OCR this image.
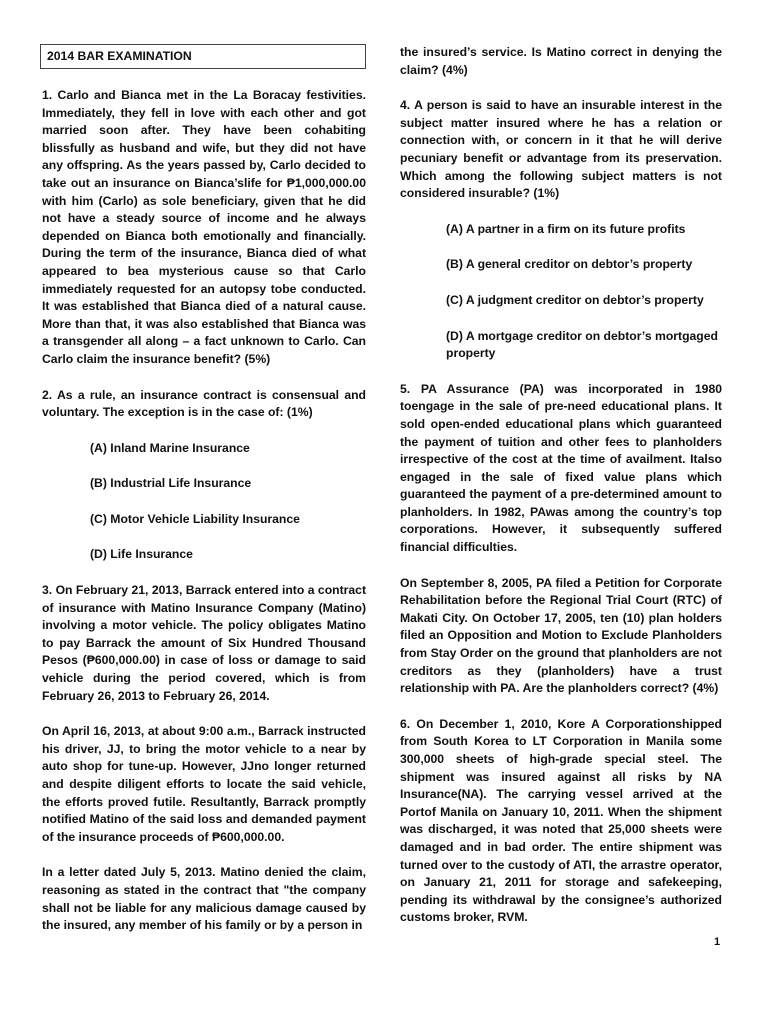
2014 BAR EXAMINATION

1. Carlo and Bianca met in the La Boracay festivities. Immediately, they fell in love with each other and got married soon after. They have been cohabiting blissfully as husband and wife, but they did not have any offspring. As the years passed by, Carlo decided to take out an insurance on Bianca’slife for ₱1,000,000.00 with him (Carlo) as sole beneficiary, given that he did not have a steady source of income and he always depended on Bianca both emotionally and financially. During the term of the insurance, Bianca died of what appeared to bea mysterious cause so that Carlo immediately requested for an autopsy tobe conducted. It was established that Bianca died of a natural cause. More than that, it was also established that Bianca was a transgender all along – a fact unknown to Carlo. Can Carlo claim the insurance benefit? (5%)

2. As a rule, an insurance contract is consensual and voluntary. The exception is in the case of: (1%)

(A) Inland Marine Insurance

(B) Industrial Life Insurance

(C) Motor Vehicle Liability Insurance

(D) Life Insurance

3. On February 21, 2013, Barrack entered into a contract of insurance with Matino Insurance Company (Matino) involving a motor vehicle. The policy obligates Matino to pay Barrack the amount of Six Hundred Thousand Pesos (₱600,000.00) in case of loss or damage to said vehicle during the period covered, which is from February 26, 2013 to February 26, 2014.

On April 16, 2013, at about 9:00 a.m., Barrack instructed his driver, JJ, to bring the motor vehicle to a near by auto shop for tune-up. However, JJno longer returned and despite diligent efforts to locate the said vehicle, the efforts proved futile. Resultantly, Barrack promptly notified Matino of the said loss and demanded payment of the insurance proceeds of ₱600,000.00.

In a letter dated July 5, 2013. Matino denied the claim, reasoning as stated in the contract that "the company shall not be liable for any malicious damage caused by the insured, any member of his family or by a person in

the insured’s service. Is Matino correct in denying the claim? (4%)

4. A person is said to have an insurable interest in the subject matter insured where he has a relation or connection with, or concern in it that he will derive pecuniary benefit or advantage from its preservation. Which among the following subject matters is not considered insurable? (1%)

(A) A partner in a firm on its future profits

(B) A general creditor on debtor’s property

(C) A judgment creditor on debtor’s property

(D) A mortgage creditor on debtor’s mortgaged property

5. PA Assurance (PA) was incorporated in 1980 toengage in the sale of pre-need educational plans. It sold open-ended educational plans which guaranteed the payment of tuition and other fees to planholders irrespective of the cost at the time of availment. Italso engaged in the sale of fixed value plans which guaranteed the payment of a pre-determined amount to planholders. In 1982, PAwas among the country’s top corporations. However, it subsequently suffered financial difficulties.

On September 8, 2005, PA filed a Petition for Corporate Rehabilitation before the Regional Trial Court (RTC) of Makati City. On October 17, 2005, ten (10) plan holders filed an Opposition and Motion to Exclude Planholders from Stay Order on the ground that planholders are not creditors as they (planholders) have a trust relationship with PA. Are the planholders correct? (4%)

6. On December 1, 2010, Kore A Corporationshipped from South Korea to LT Corporation in Manila some 300,000 sheets of high-grade special steel. The shipment was insured against all risks by NA Insurance(NA). The carrying vessel arrived at the Portof Manila on January 10, 2011. When the shipment was discharged, it was noted that 25,000 sheets were damaged and in bad order. The entire shipment was turned over to the custody of ATI, the arrastre operator, on January 21, 2011 for storage and safekeeping, pending its withdrawal by the consignee’s authorized customs broker, RVM.

1
